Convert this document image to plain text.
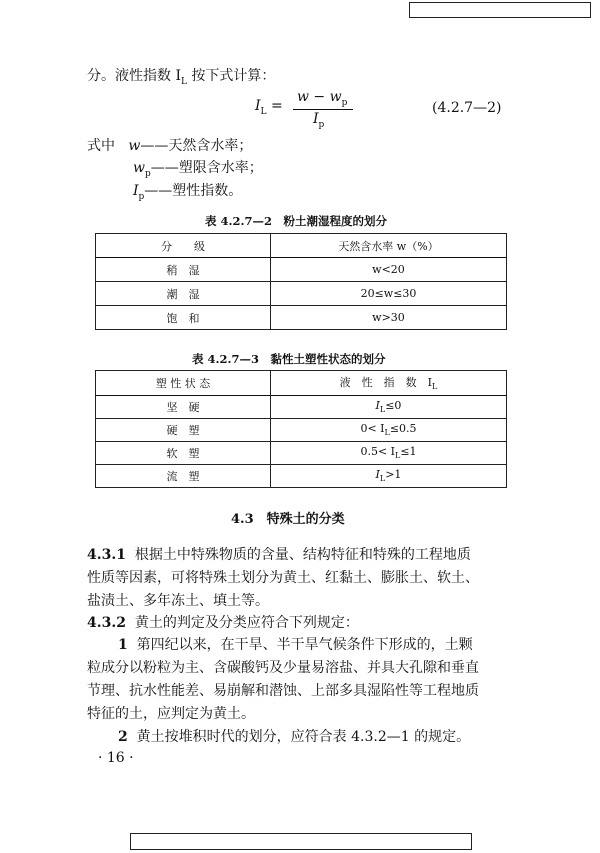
分。液性指数 $I_L$ 按下式计算：
$I_L$ =
$w - w_p$
$I_p$
(4.2.7—2)
式中 w——天然含水率；
$w_p——$塑限含水率；
$I_p——$塑性指数。
表 4.2.7—2　粉土潮湿程度的划分
分　　级	天然含水率 w（%）
稍　湿	w<20
潮　湿	20≤w≤30
饱　和	w>30
表 4.2.7—3　黏性土塑性状态的划分
塑 性 状 态	液　性　指　数　$I_L$
坚　硬	$I_L\le 0$
硬　塑	$0< I_L\le 0.5$
软　塑	$0.5< I_L\le 1$
流　塑	$I_L>1$
4.3　特殊土的分类
4.3.1 根据土中特殊物质的含量、结构特征和特殊的工程地质
性质等因素，可将特殊土划分为黄土、红黏土、膨胀土、软土、
盐渍土、多年冻土、填土等。
4.3.2 黄土的判定及分类应符合下列规定：
1 第四纪以来，在干旱、半干旱气候条件下形成的，土颗
粒成分以粉粒为主、含碳酸钙及少量易溶盐、并具大孔隙和垂直
节理、抗水性能差、易崩解和潜蚀、上部多具湿陷性等工程地质
特征的土，应判定为黄土。
2 黄土按堆积时代的划分，应符合表 4.3.2—1 的规定。
· 16 ·
